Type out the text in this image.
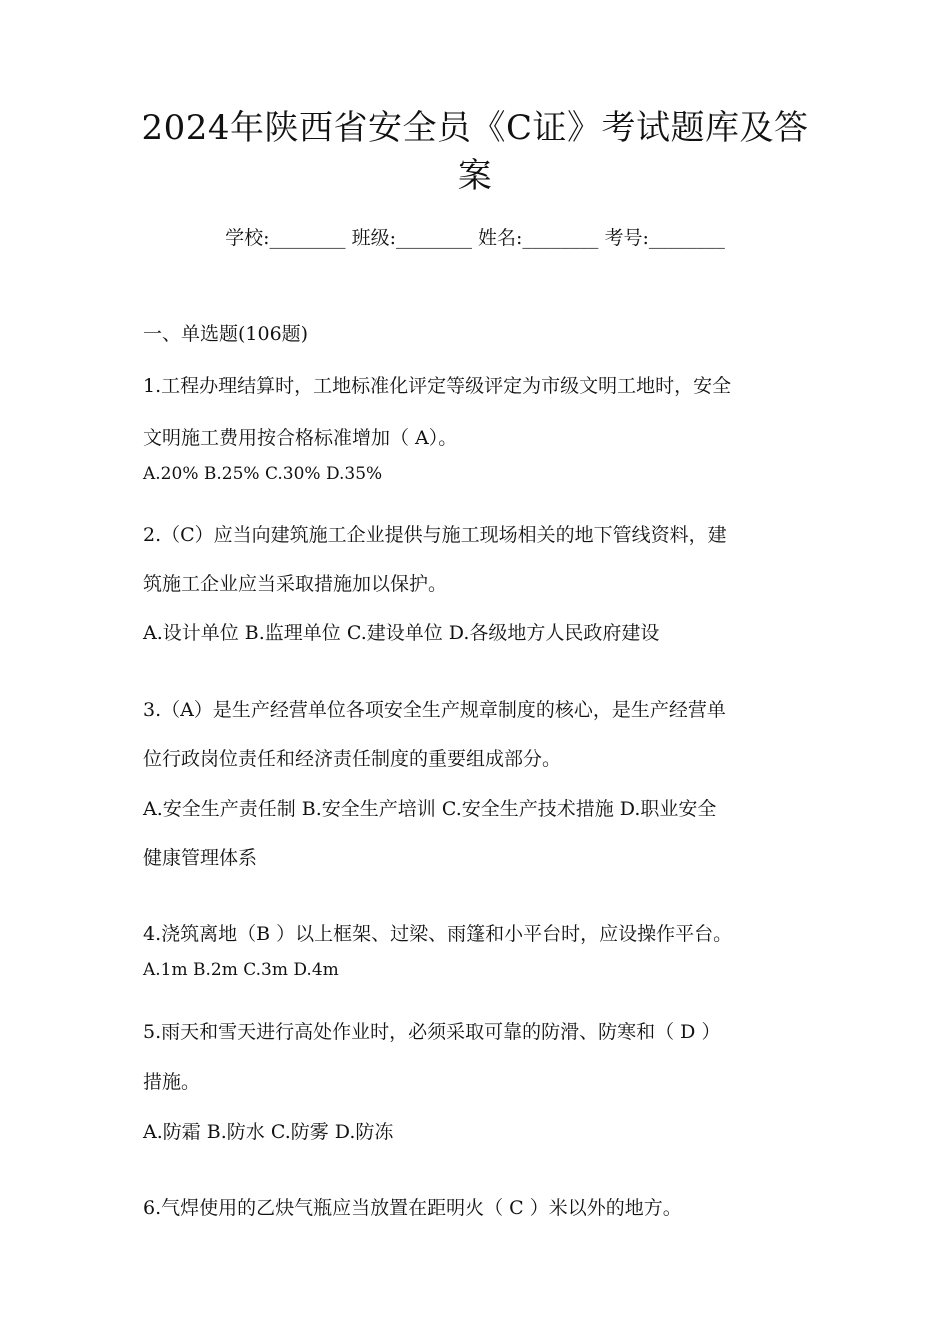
2024年陕西省安全员《C证》考试题库及答
案
学校:________ 班级:________ 姓名:________ 考号:________
一、单选题(106题)
1.工程办理结算时，工地标准化评定等级评定为市级文明工地时，安全
文明施工费用按合格标准增加（ A）。
A.20% B.25% C.30% D.35%
2.（C）应当向建筑施工企业提供与施工现场相关的地下管线资料，建
筑施工企业应当采取措施加以保护。
A.设计单位 B.监理单位 C.建设单位 D.各级地方人民政府建设
3.（A）是生产经营单位各项安全生产规章制度的核心，是生产经营单
位行政岗位责任和经济责任制度的重要组成部分。
A.安全生产责任制 B.安全生产培训 C.安全生产技术措施 D.职业安全
健康管理体系
4.浇筑离地（B ）以上框架、过梁、雨篷和小平台时，应设操作平台。
A.1m B.2m C.3m D.4m
5.雨天和雪天进行高处作业时，必须采取可靠的防滑、防寒和（ D ）
措施。
A.防霜 B.防水 C.防雾 D.防冻
6.气焊使用的乙炔气瓶应当放置在距明火（ C ）米以外的地方。
